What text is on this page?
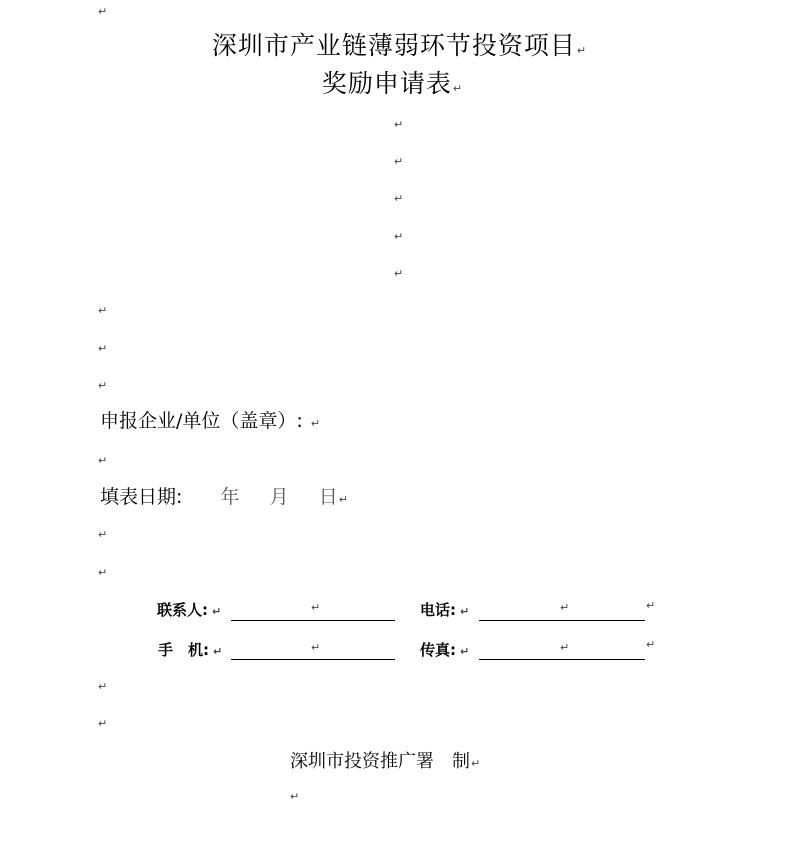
↵
深圳市产业链薄弱环节投资项目↵
奖励申请表↵
↵
↵
↵
↵
↵
↵
↵
↵
申报企业/单位（盖章）: ↵
↵
填表日期: 年 月 日↵
↵
↵
联系人: ↵	↵	电话: ↵	↵	↵
手　机: ↵	↵	传真: ↵	↵	↵
↵
↵
深圳市投资推广署　制↵
↵
